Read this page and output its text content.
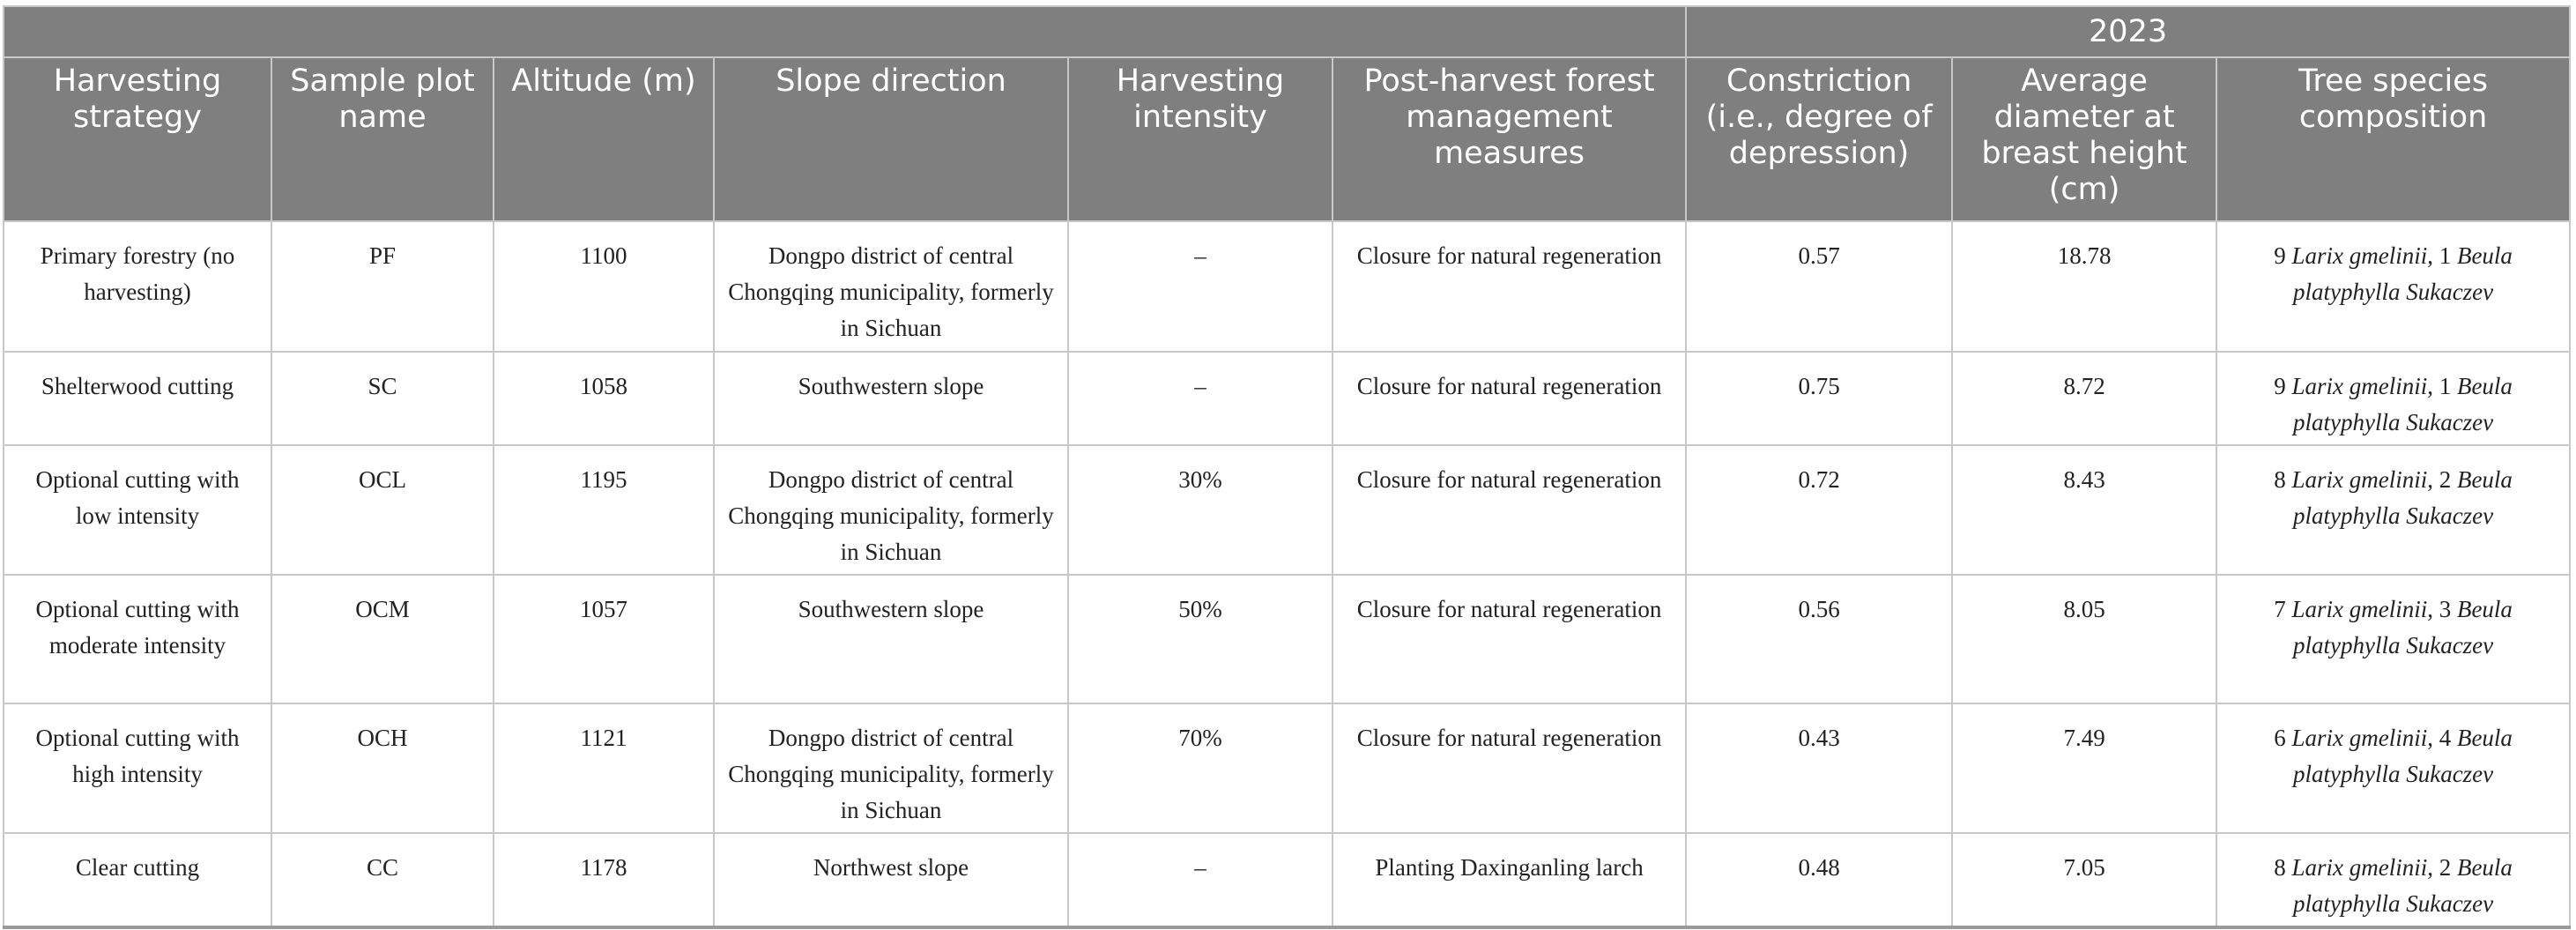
						2023		
Harvesting strategy	Sample plot name	Altitude (m)	Slope direction	Harvesting intensity	Post-harvest forest management measures	Constriction (i.e., degree of depression)	Average diameter at breast height (cm)	Tree species composition
Primary forestry (no harvesting)	PF	1100	Dongpo district of central Chongqing municipality, formerly in Sichuan	–	Closure for natural regeneration	0.57	18.78	9 Larix gmelinii, 1 Beula platyphylla Sukaczev
Shelterwood cutting	SC	1058	Southwestern slope	–	Closure for natural regeneration	0.75	8.72	9 Larix gmelinii, 1 Beula platyphylla Sukaczev
Optional cutting with low intensity	OCL	1195	Dongpo district of central Chongqing municipality, formerly in Sichuan	30%	Closure for natural regeneration	0.72	8.43	8 Larix gmelinii, 2 Beula platyphylla Sukaczev
Optional cutting with moderate intensity	OCM	1057	Southwestern slope	50%	Closure for natural regeneration	0.56	8.05	7 Larix gmelinii, 3 Beula platyphylla Sukaczev
Optional cutting with high intensity	OCH	1121	Dongpo district of central Chongqing municipality, formerly in Sichuan	70%	Closure for natural regeneration	0.43	7.49	6 Larix gmelinii, 4 Beula platyphylla Sukaczev
Clear cutting	CC	1178	Northwest slope	–	Planting Daxinganling larch	0.48	7.05	8 Larix gmelinii, 2 Beula platyphylla Sukaczev
